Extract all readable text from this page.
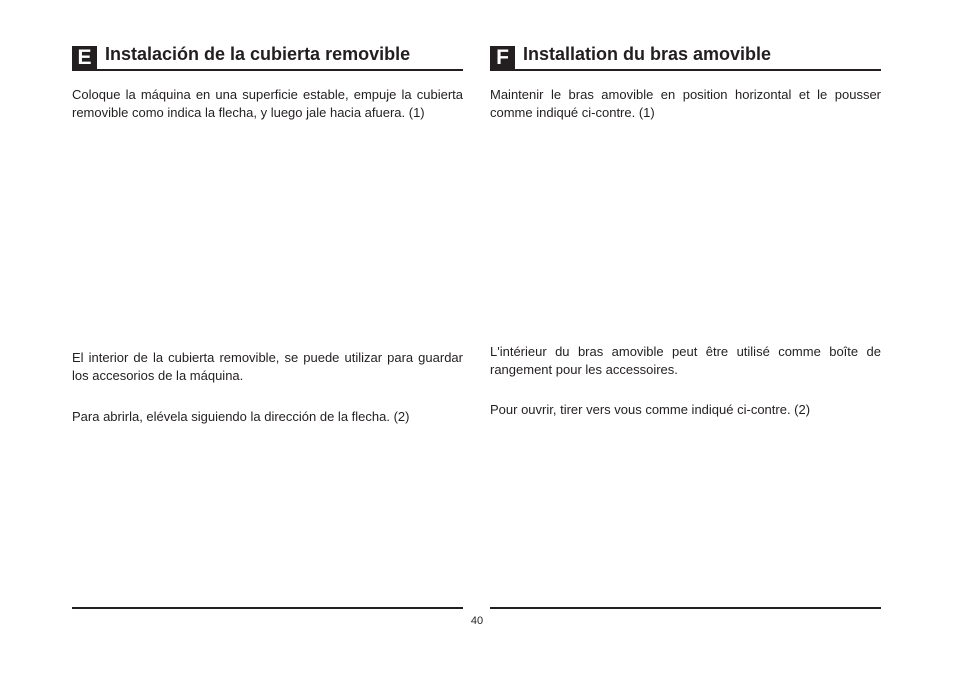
E Instalación de la cubierta removible

Coloque la máquina en una superficie estable, empuje la cubierta removible como indica la flecha, y luego jale hacia afuera. (1)

El interior de la cubierta removible, se puede utilizar para guardar los accesorios de la máquina.

Para abrirla, elévela siguiendo la dirección de la flecha. (2)

F Installation du bras amovible

Maintenir le bras amovible en position horizontal et le pousser comme indiqué ci-contre. (1)

L'intérieur du bras amovible peut être utilisé comme boîte de rangement pour les accessoires.

Pour ouvrir, tirer vers vous comme indiqué ci-contre. (2)

40
